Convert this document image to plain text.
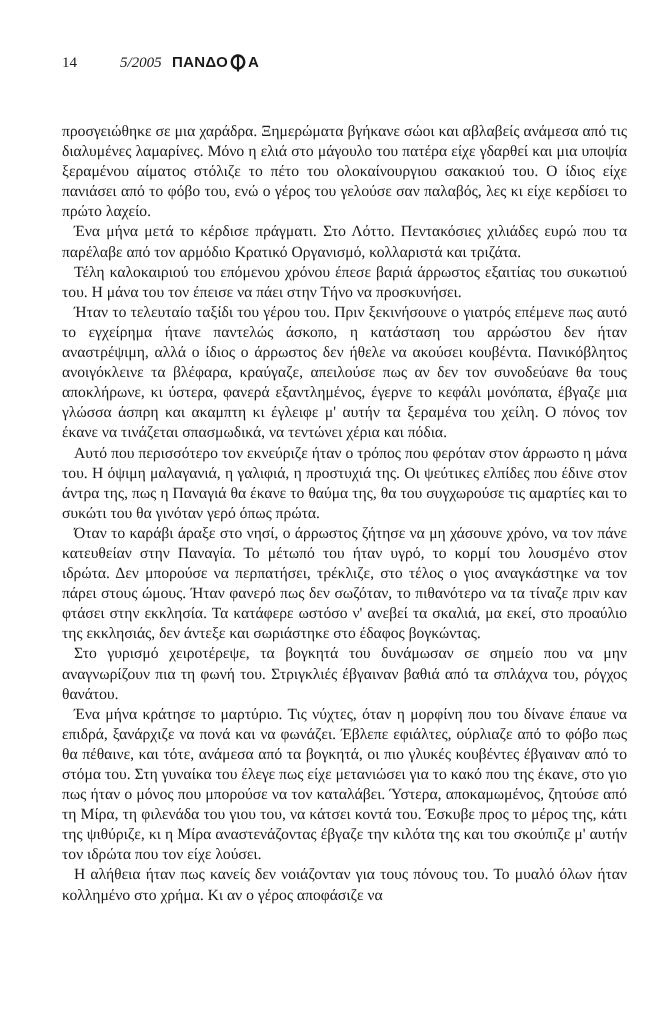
14	5/2005 ΠΑΝΔΟ Α

προσγειώθηκε σε μια χαράδρα. Ξημερώματα βγήκανε σώοι και αβλαβείς ανάμεσα από τις διαλυμένες λαμαρίνες. Μόνο η ελιά στο μάγουλο του πατέρα είχε γδαρθεί και μια υποψία ξεραμένου αίματος στόλιζε το πέτο του ολοκαίνουργιου σακακιού του. Ο ίδιος είχε πανιάσει από το φόβο του, ενώ ο γέρος του γελούσε σαν παλαβός, λες κι είχε κερδίσει το πρώτο λαχείο.

Ένα μήνα μετά το κέρδισε πράγματι. Στο Λόττο. Πεντακόσιες χιλιάδες ευρώ που τα παρέλαβε από τον αρμόδιο Κρατικό Οργανισμό, κολλαριστά και τριζάτα.

Τέλη καλοκαιριού του επόμενου χρόνου έπεσε βαριά άρρωστος εξαιτίας του συκωτιού του. Η μάνα του τον έπεισε να πάει στην Τήνο να προσκυνήσει.

Ήταν το τελευταίο ταξίδι του γέρου του. Πριν ξεκινήσουνε ο γιατρός επέμενε πως αυτό το εγχείρημα ήτανε παντελώς άσκοπο, η κατάσταση του αρρώστου δεν ήταν αναστρέψιμη, αλλά ο ίδιος ο άρρωστος δεν ήθελε να ακούσει κουβέντα. Πανικόβλητος ανοιγόκλεινε τα βλέφαρα, κραύγαζε, απειλούσε πως αν δεν τον συνοδεύανε θα τους αποκλήρωνε, κι ύστερα, φανερά εξαντλημένος, έγερνε το κεφάλι μονόπατα, έβγαζε μια γλώσσα άσπρη και ακαμπτη κι έγλειφε μ' αυτήν τα ξεραμένα του χείλη. Ο πόνος τον έκανε να τινάζεται σπασμωδικά, να τεντώνει χέρια και πόδια.

Αυτό που περισσότερο τον εκνεύριζε ήταν ο τρόπος που φερόταν στον άρρωστο η μάνα του. Η όψιμη μαλαγανιά, η γαλιφιά, η προστυχιά της. Οι ψεύτικες ελπίδες που έδινε στον άντρα της, πως η Παναγιά θα έκανε το θαύμα της, θα του συγχωρούσε τις αμαρτίες και το συκώτι του θα γινόταν γερό όπως πρώτα.

Όταν το καράβι άραξε στο νησί, ο άρρωστος ζήτησε να μη χάσουνε χρόνο, να τον πάνε κατευθείαν στην Παναγία. Το μέτωπό του ήταν υγρό, το κορμί του λουσμένο στον ιδρώτα. Δεν μπορούσε να περπατήσει, τρέκλιζε, στο τέλος ο γιος αναγκάστηκε να τον πάρει στους ώμους. Ήταν φανερό πως δεν σωζόταν, το πιθανότερο να τα τίναζε πριν καν φτάσει στην εκκλησία. Τα κατάφερε ωστόσο ν' ανεβεί τα σκαλιά, μα εκεί, στο προαύλιο της εκκλησιάς, δεν άντεξε και σωριάστηκε στο έδαφος βογκώντας.

Στο γυρισμό χειροτέρεψε, τα βογκητά του δυνάμωσαν σε σημείο που να μην αναγνωρίζουν πια τη φωνή του. Στριγκλιές έβγαιναν βαθιά από τα σπλάχνα του, ρόγχος θανάτου.

Ένα μήνα κράτησε το μαρτύριο. Τις νύχτες, όταν η μορφίνη που του δίνανε έπαυε να επιδρά, ξανάρχιζε να πονά και να φωνάζει. Έβλεπε εφιάλτες, ούρλιαζε από το φόβο πως θα πέθαινε, και τότε, ανάμεσα από τα βογκητά, οι πιο γλυκές κουβέντες έβγαιναν από το στόμα του. Στη γυναίκα του έλεγε πως είχε μετανιώσει για το κακό που της έκανε, στο γιο πως ήταν ο μόνος που μπορούσε να τον καταλάβει. Ύστερα, αποκαμωμένος, ζητούσε από τη Μίρα, τη φιλενάδα του γιου του, να κάτσει κοντά του. Έσκυβε προς το μέρος της, κάτι της ψιθύριζε, κι η Μίρα αναστενάζοντας έβγαζε την κιλότα της και του σκούπιζε μ' αυτήν τον ιδρώτα που τον είχε λούσει.

Η αλήθεια ήταν πως κανείς δεν νοιάζονταν για τους πόνους του. Το μυαλό όλων ήταν κολλημένο στο χρήμα. Κι αν ο γέρος αποφάσιζε να
